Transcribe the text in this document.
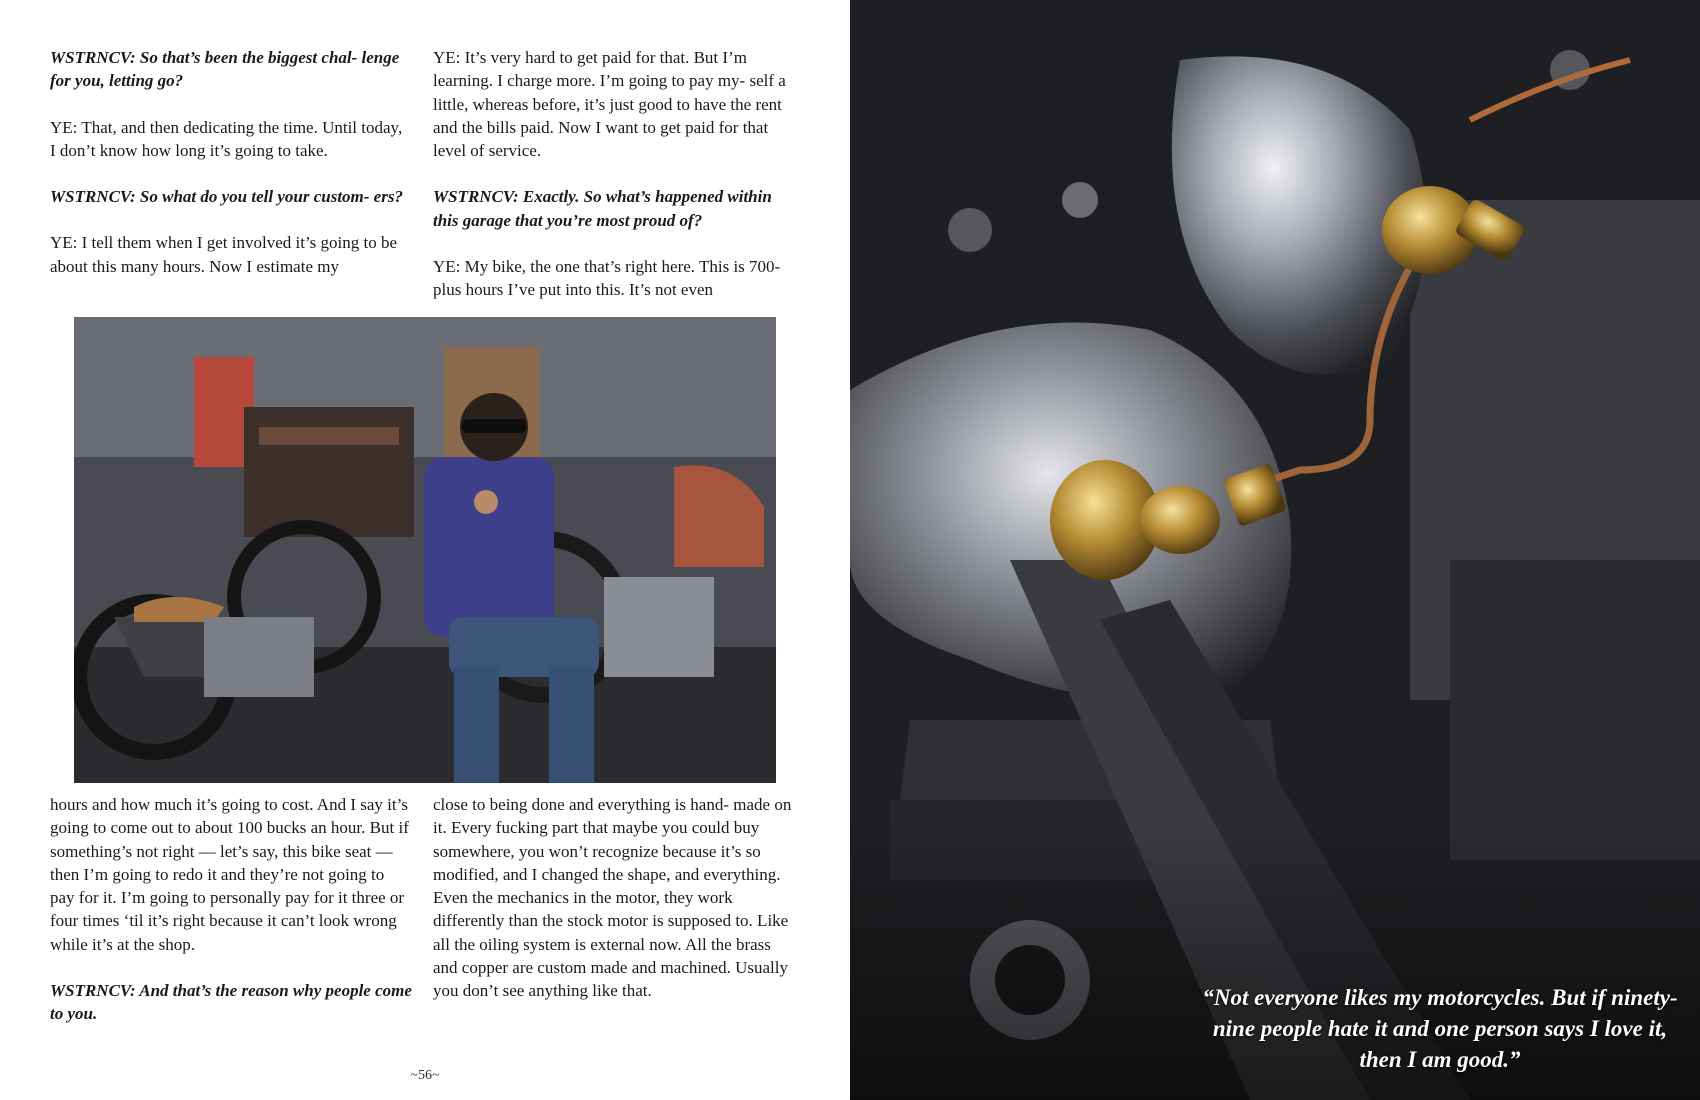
WSTRNCV: So that’s been the biggest chal- lenge for you, letting go?

YE: That, and then dedicating the time. Until today, I don’t know how long it’s going to take.

WSTRNCV: So what do you tell your custom- ers?

YE: I tell them when I get involved it’s going to be about this many hours. Now I estimate my

YE: It’s very hard to get paid for that. But I’m learning. I charge more. I’m going to pay my- self a little, whereas before, it’s just good to have the rent and the bills paid. Now I want to get paid for that level of service.

WSTRNCV: Exactly. So what’s happened within this garage that you’re most proud of?

YE: My bike, the one that’s right here. This is 700-plus hours I’ve put into this. It’s not even

hours and how much it’s going to cost. And I say it’s going to come out to about 100 bucks an hour. But if something’s not right — let’s say, this bike seat — then I’m going to redo it and they’re not going to pay for it. I’m going to personally pay for it three or four times ‘til it’s right because it can’t look wrong while it’s at the shop.

WSTRNCV: And that’s the reason why people come to you.

close to being done and everything is hand- made on it. Every fucking part that maybe you could buy somewhere, you won’t recognize because it’s so modified, and I changed the shape, and everything. Even the mechanics in the motor, they work differently than the stock motor is supposed to. Like all the oiling system is external now. All the brass and copper are custom made and machined. Usually you don’t see anything like that.

~56~
“Not everyone likes my motorcycles. But if ninety-nine people hate it and one person says I love it, then I am good.”
